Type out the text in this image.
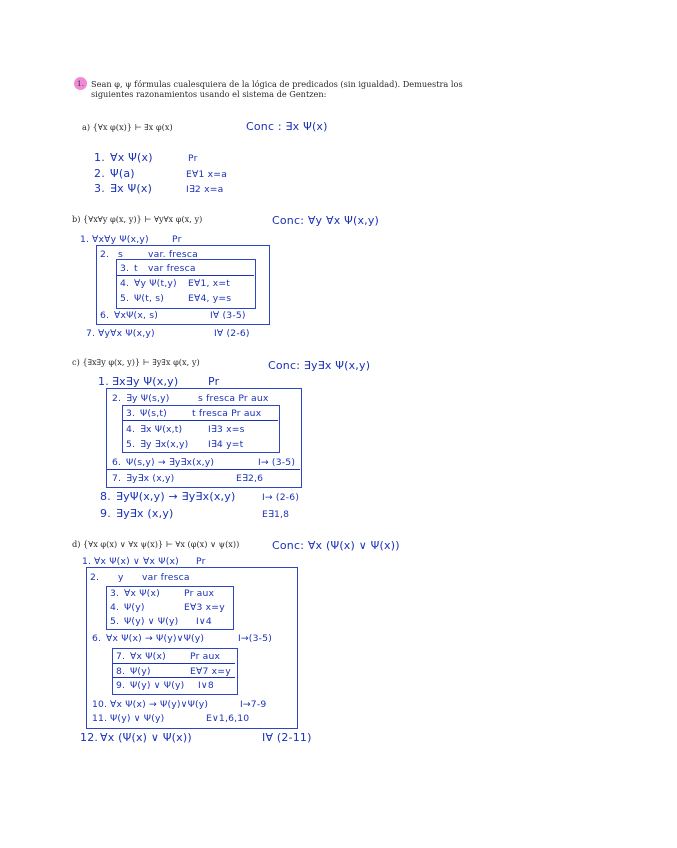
1. Sean φ, ψ fórmulas cualesquiera de la lógica de predicados (sin igualdad). Demuestra los
siguientes razonamientos usando el sistema de Gentzen:
a) {∀x φ(x)} ⊢ ∃x φ(x)	Conc : ∃x Ψ(x)
1. ∀x Ψ(x)	Pr
2. Ψ(a)	E∀1 x=a
3. ∃x Ψ(x)	I∃2 x=a
b) {∀x∀y φ(x, y)} ⊢ ∀y∀x φ(x, y)	Conc: ∀y ∀x Ψ(x,y)
1. ∀x∀y Ψ(x,y)	Pr
2. s	var. fresca
3. t var fresca
4. ∀y Ψ(t,y) E∀1, x=t
5. Ψ(t, s)	E∀4, y=s
6. ∀xΨ(x, s)	I∀ (3-5)
7. ∀y∀x Ψ(x,y)	I∀ (2-6)
c) {∃x∃y φ(x, y)} ⊢ ∃y∃x φ(x, y)	Conc: ∃y∃x Ψ(x,y)
1. ∃x∃y Ψ(x,y)	Pr
2. ∃y Ψ(s,y)	s fresca Pr aux
3. Ψ(s,t)	t fresca Pr aux
4. ∃x Ψ(x,t)	I∃3 x=s
5. ∃y ∃x(x,y) I∃4 y=t
6. Ψ(s,y) → ∃y∃x(x,y)	I→ (3-5)
7. ∃y∃x (x,y)	E∃2,6
8. ∃yΨ(x,y) → ∃y∃x(x,y)	I→ (2-6)
9. ∃y∃x (x,y)	E∃1,8
d) {∀x φ(x) ∨ ∀x ψ(x)} ⊢ ∀x (φ(x) ∨ ψ(x))	Conc: ∀x (Ψ(x) ∨ Ψ(x))
1. ∀x Ψ(x) ∨ ∀x Ψ(x) Pr
2. y var fresca
3. ∀x Ψ(x)	Pr aux
4. Ψ(y)	E∀3 x=y
5. Ψ(y) ∨ Ψ(y) I∨4
6. ∀x Ψ(x) → Ψ(y)∨Ψ(y)	I→(3-5)
7. ∀x Ψ(x)	Pr aux
8. Ψ(y)	E∀7 x=y
9. Ψ(y) ∨ Ψ(y) I∨8
10. ∀x Ψ(x) → Ψ(y)∨Ψ(y)	I→7-9
11. Ψ(y) ∨ Ψ(y)	E∨1,6,10
12. ∀x (Ψ(x) ∨ Ψ(x))	I∀ (2-11)
